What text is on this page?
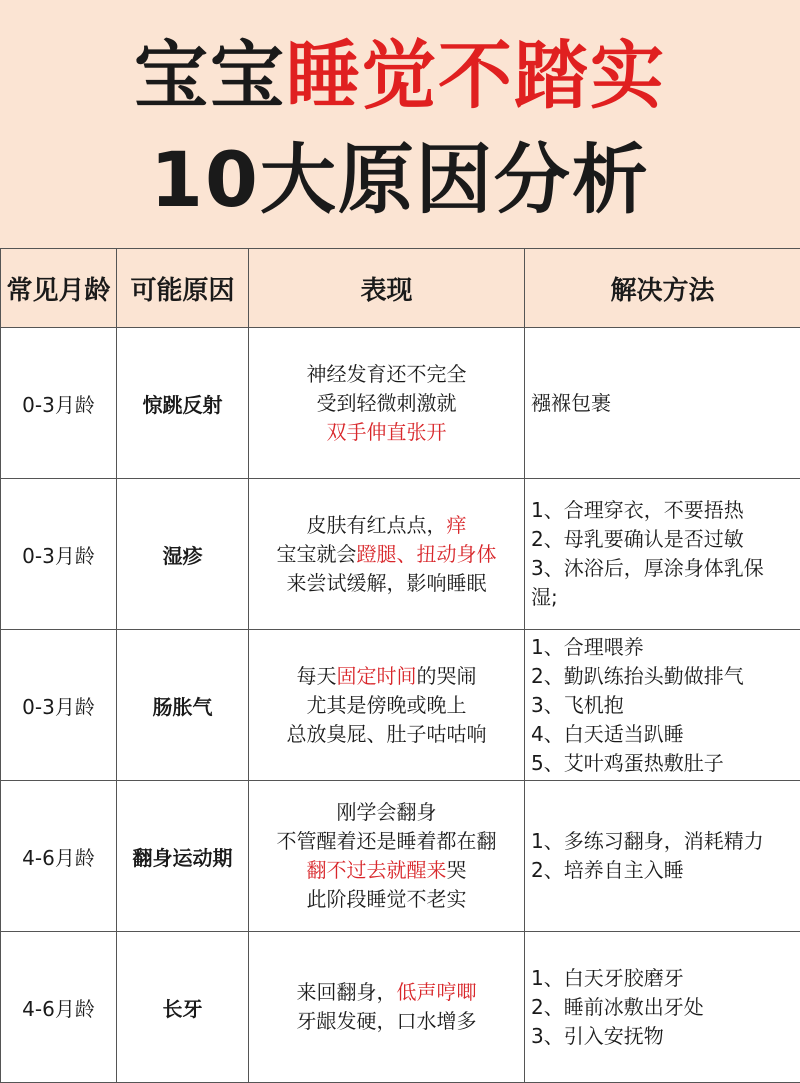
宝宝睡觉不踏实
10大原因分析
常见月龄	可能原因	表现	解决方法
0-3月龄	惊跳反射	神经发育还不完全
受到轻微刺激就
双手伸直张开	襁褓包裹

0-3月龄	湿疹	皮肤有红点点，痒
宝宝就会蹬腿、扭动身体
来尝试缓解，影响睡眠	1、合理穿衣，不要捂热
2、母乳要确认是否过敏
3、沐浴后，厚涂身体乳保
湿;

0-3月龄	肠胀气	每天固定时间的哭闹
尤其是傍晚或晚上
总放臭屁、肚子咕咕响	1、合理喂养
2、勤趴练抬头勤做排气
3、飞机抱
4、白天适当趴睡
5、艾叶鸡蛋热敷肚子

4-6月龄	翻身运动期	刚学会翻身
不管醒着还是睡着都在翻
翻不过去就醒来哭
此阶段睡觉不老实	1、多练习翻身，消耗精力
2、培养自主入睡

4-6月龄	长牙	来回翻身，低声哼唧
牙龈发硬，口水增多	1、白天牙胶磨牙
2、睡前冰敷出牙处
3、引入安抚物
